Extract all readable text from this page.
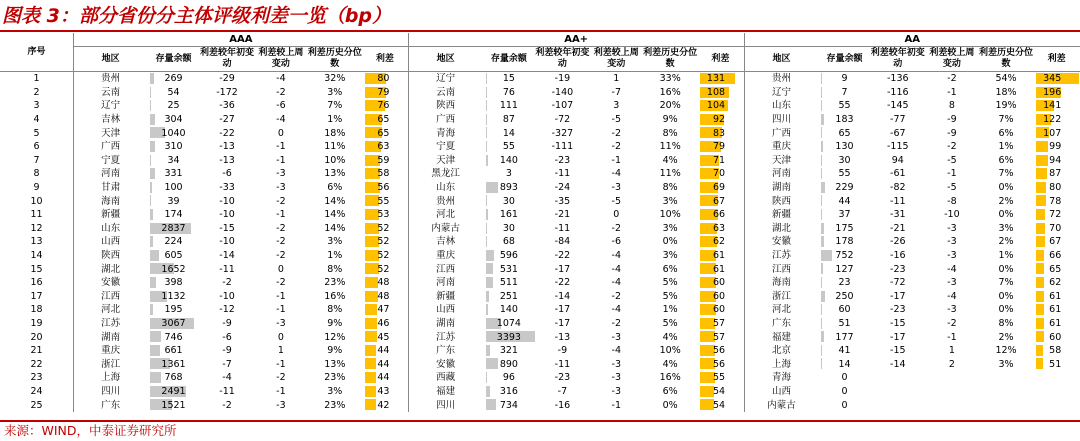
图表 3：部分省份分主体评级利差一览（bp）
序号	AAA						AA+						AA					
	地区	存量余额	利差较年初变动	利差较上周变动	利差历史分位数	利差	地区	存量余额	利差较年初变动	利差较上周变动	利差历史分位数	利差	地区	存量余额	利差较年初变动	利差较上周变动	利差历史分位数	利差
1	贵州	269	-29	-4	32%	80	辽宁	15	-19	1	33%	131	贵州	9	-136	-2	54%	345
2	云南	54	-172	-2	3%	79	云南	76	-140	-7	16%	108	辽宁	7	-116	-1	18%	196
3	辽宁	25	-36	-6	7%	76	陕西	111	-107	3	20%	104	山东	55	-145	8	19%	141
4	吉林	304	-27	-4	1%	65	广西	87	-72	-5	9%	92	四川	183	-77	-9	7%	122
5	天津	1040	-22	0	18%	65	青海	14	-327	-2	8%	83	广西	65	-67	-9	6%	107
6	广西	310	-13	-1	11%	63	宁夏	55	-111	-2	11%	79	重庆	130	-115	-2	1%	99
7	宁夏	34	-13	-1	10%	59	天津	140	-23	-1	4%	71	天津	30	94	-5	6%	94
8	河南	331	-6	-3	13%	58	黑龙江	3	-11	-4	11%	70	河南	55	-61	-1	7%	87
9	甘肃	100	-33	-3	6%	56	山东	893	-24	-3	8%	69	湖南	229	-82	-5	0%	80
10	海南	39	-10	-2	14%	55	贵州	30	-35	-5	3%	67	陕西	44	-11	-8	2%	78
11	新疆	174	-10	-1	14%	53	河北	161	-21	0	10%	66	新疆	37	-31	-10	0%	72
12	山东	2837	-15	-2	14%	52	内蒙古	30	-11	-2	3%	63	湖北	175	-21	-3	3%	70
13	山西	224	-10	-2	3%	52	吉林	68	-84	-6	0%	62	安徽	178	-26	-3	2%	67
14	陕西	605	-14	-2	1%	52	重庆	596	-22	-4	3%	61	江苏	752	-16	-3	1%	66
15	湖北	1652	-11	0	8%	52	江西	531	-17	-4	6%	61	江西	127	-23	-4	0%	65
16	安徽	398	-2	-2	23%	48	河南	511	-22	-4	5%	60	海南	23	-72	-3	7%	62
17	江西	1132	-10	-1	16%	48	新疆	251	-14	-2	5%	60	浙江	250	-17	-4	0%	61
18	河北	195	-12	-1	8%	47	山西	140	-17	-4	1%	60	河北	60	-23	-3	0%	61
19	江苏	3067	-9	-3	9%	46	湖南	1074	-17	-2	5%	57	广东	51	-15	-2	8%	61
20	湖南	746	-6	0	12%	45	江苏	3393	-13	-3	4%	57	福建	177	-17	-1	2%	60
21	重庆	661	-9	1	9%	44	广东	321	-9	-4	10%	56	北京	41	-15	1	12%	58
22	浙江	1361	-7	-1	13%	44	安徽	890	-11	-3	4%	56	上海	14	-14	2	3%	51
23	上海	768	-4	-2	23%	44	西藏	96	-23	-3	16%	55	青海	0				
24	四川	2491	-11	-1	3%	43	福建	316	-7	-3	6%	54	山西	0				
25	广东	1521	-2	-3	23%	42	四川	734	-16	-1	0%	54	内蒙古	0				
来源：WIND，中泰证券研究所
